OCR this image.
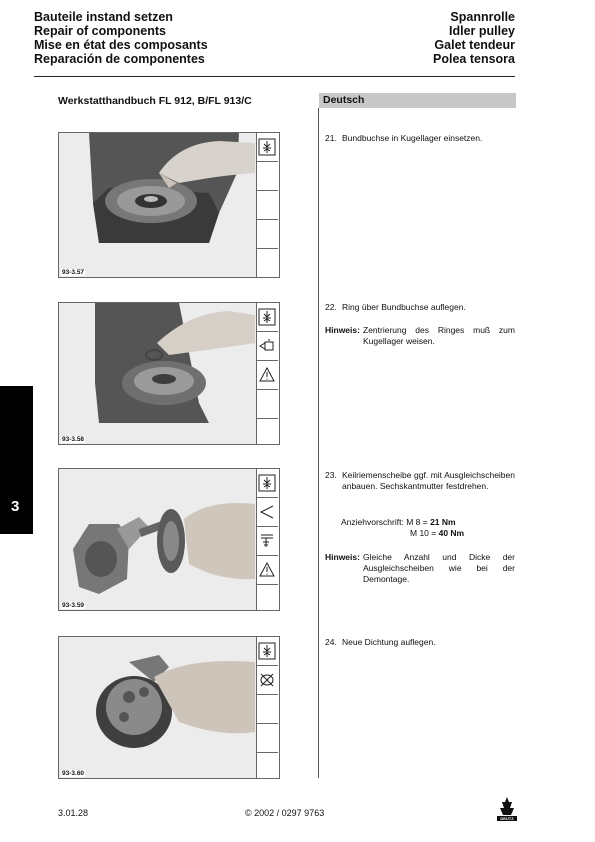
Bauteile instand setzen
Repair of components
Mise en état des composants
Reparación de componentes
Spannrolle
Idler pulley
Galet tendeur
Polea tensora
Werkstatthandbuch FL 912, B/FL 913/C	Deutsch
3
93-3.57
93-3.58
93-3.59
93-3.60
21. Bundbuchse in Kugellager einsetzen.
22. Ring über Bundbuchse auflegen.
Hinweis: Zentrierung des Ringes muß zum Kugellager weisen.
23. Keilriemenscheibe ggf. mit Ausgleichscheiben anbauen. Sechskantmutter festdrehen.
Anziehvorschrift: M 8 = 21 Nm
M 10 = 40 Nm
Hinweis: Gleiche Anzahl und Dicke der Ausgleichscheiben wie bei der Demontage.
24. Neue Dichtung auflegen.
3.01.28	© 2002 / 0297 9763
DEUTZ
